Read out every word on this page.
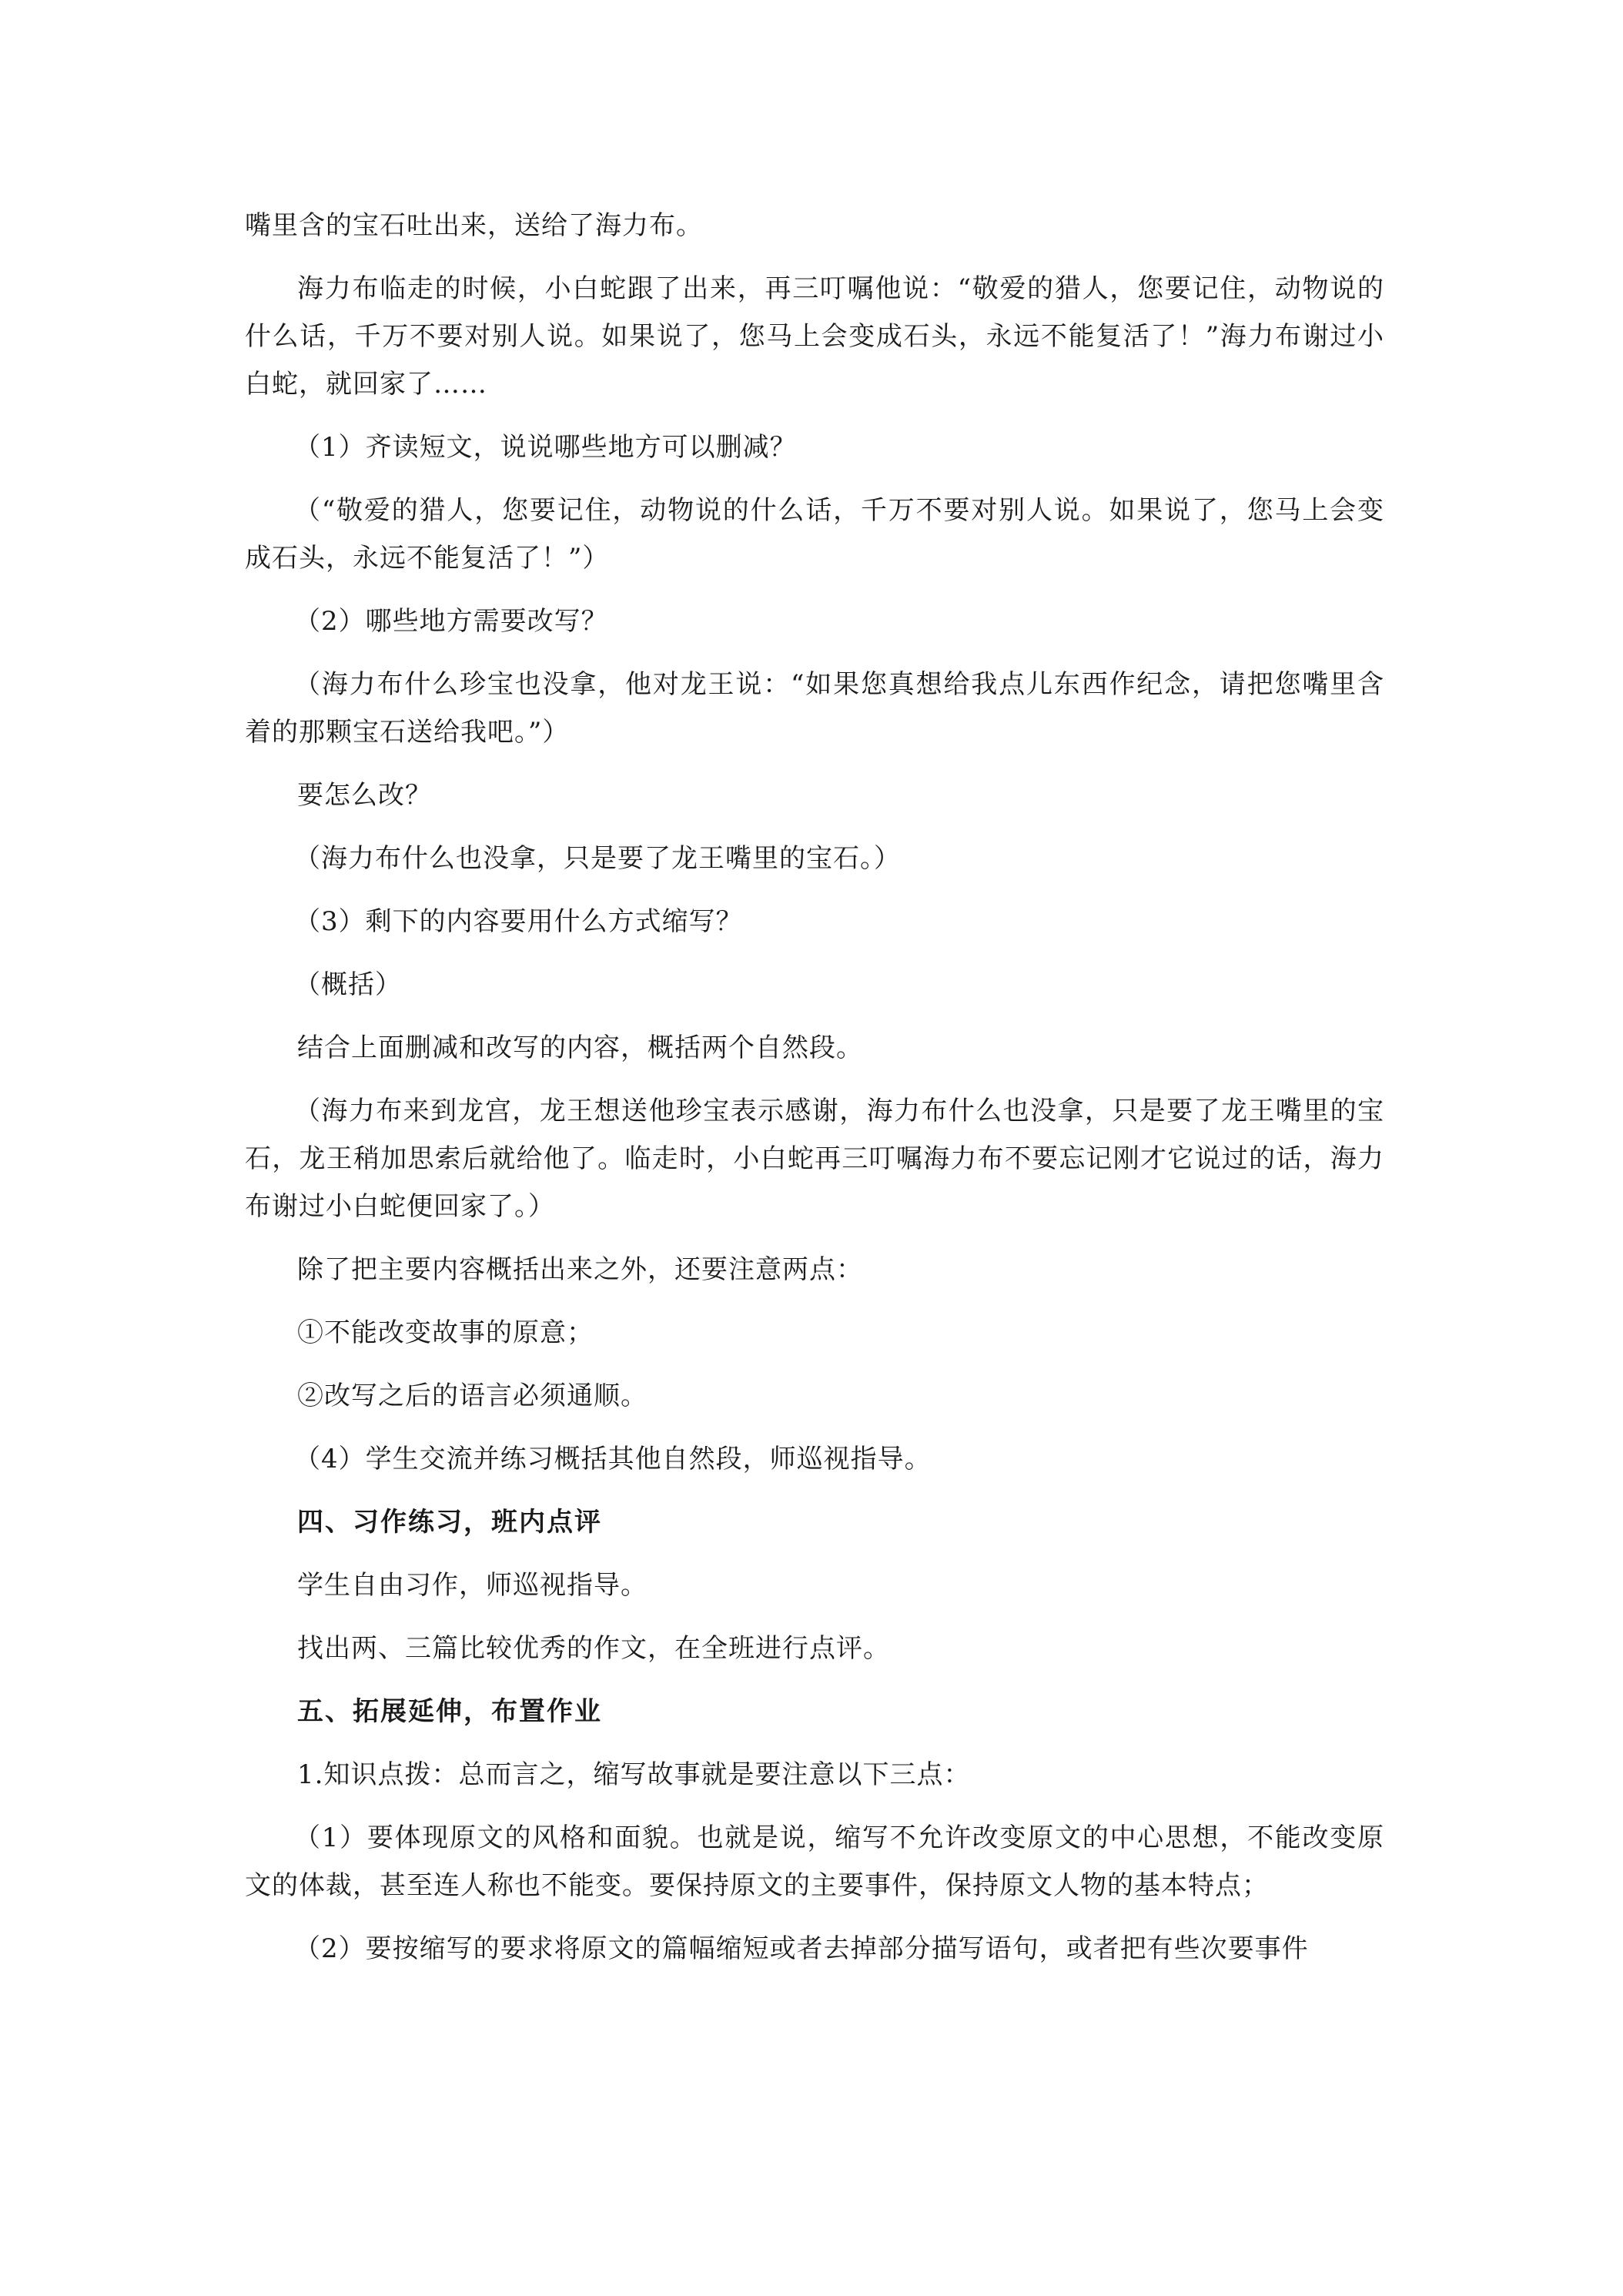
嘴里含的宝石吐出来，送给了海力布。

海力布临走的时候，小白蛇跟了出来，再三叮嘱他说：“敬爱的猎人，您要记住，动物说的什么话，千万不要对别人说。如果说了，您马上会变成石头，永远不能复活了！”海力布谢过小白蛇，就回家了……

（1）齐读短文，说说哪些地方可以删减？

（“敬爱的猎人，您要记住，动物说的什么话，千万不要对别人说。如果说了，您马上会变成石头，永远不能复活了！”）

（2）哪些地方需要改写？

（海力布什么珍宝也没拿，他对龙王说：“如果您真想给我点儿东西作纪念，请把您嘴里含着的那颗宝石送给我吧。”）

要怎么改？

（海力布什么也没拿，只是要了龙王嘴里的宝石。）

（3）剩下的内容要用什么方式缩写？

（概括）

结合上面删减和改写的内容，概括两个自然段。

（海力布来到龙宫，龙王想送他珍宝表示感谢，海力布什么也没拿，只是要了龙王嘴里的宝石，龙王稍加思索后就给他了。临走时，小白蛇再三叮嘱海力布不要忘记刚才它说过的话，海力布谢过小白蛇便回家了。）

除了把主要内容概括出来之外，还要注意两点：

①不能改变故事的原意；

②改写之后的语言必须通顺。

（4）学生交流并练习概括其他自然段，师巡视指导。

四、习作练习，班内点评

学生自由习作，师巡视指导。

找出两、三篇比较优秀的作文，在全班进行点评。

五、拓展延伸，布置作业

1.知识点拨：总而言之，缩写故事就是要注意以下三点：

（1）要体现原文的风格和面貌。也就是说，缩写不允许改变原文的中心思想，不能改变原文的体裁，甚至连人称也不能变。要保持原文的主要事件，保持原文人物的基本特点；

（2）要按缩写的要求将原文的篇幅缩短或者去掉部分描写语句，或者把有些次要事件
